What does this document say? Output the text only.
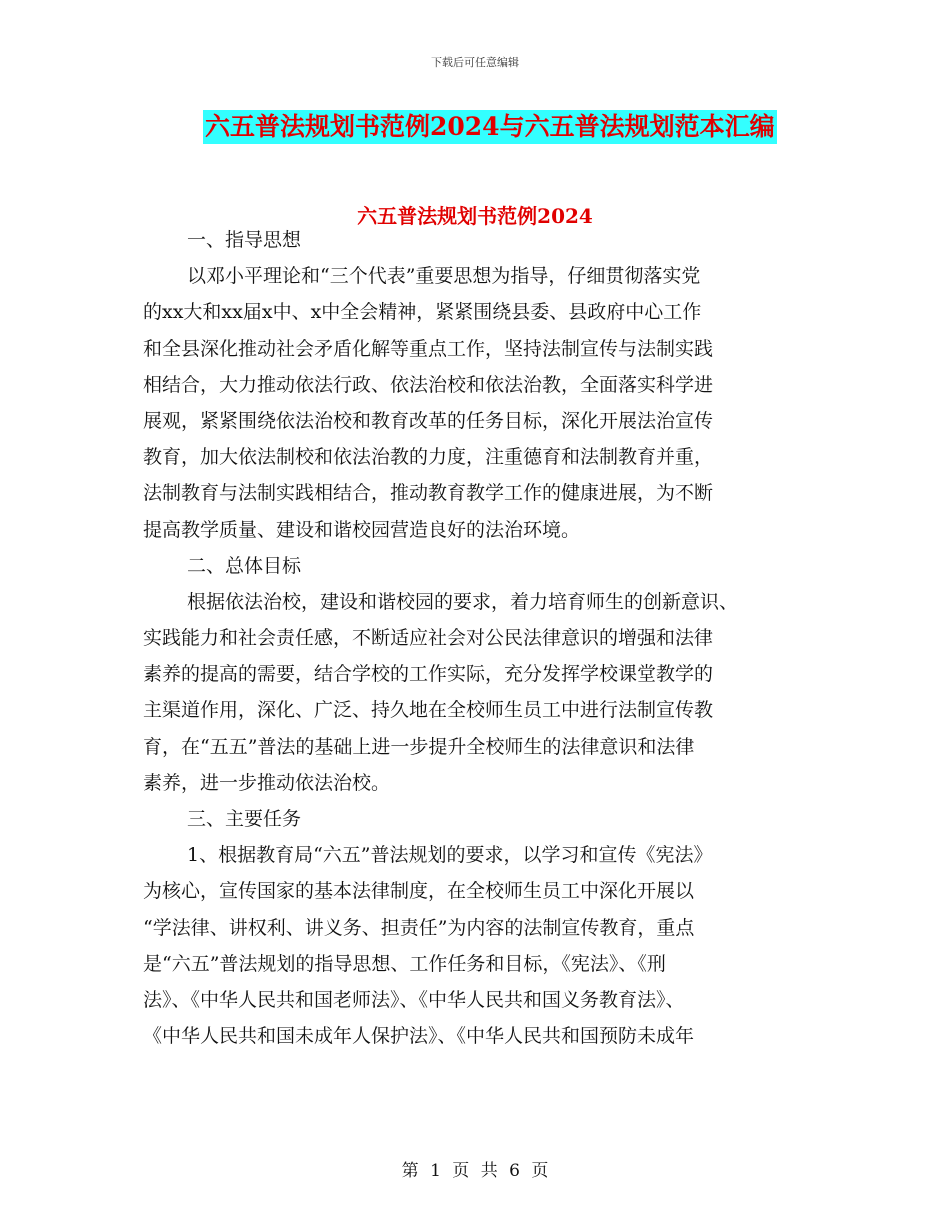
下载后可任意编辑
六五普法规划书范例2024与六五普法规划范本汇编
六五普法规划书范例2024
一、指导思想
以邓小平理论和“三个代表”重要思想为指导，仔细贯彻落实党
的xx大和xx届x中、x中全会精神，紧紧围绕县委、县政府中心工作
和全县深化推动社会矛盾化解等重点工作，坚持法制宣传与法制实践
相结合，大力推动依法行政、依法治校和依法治教，全面落实科学进
展观，紧紧围绕依法治校和教育改革的任务目标，深化开展法治宣传
教育，加大依法制校和依法治教的力度，注重德育和法制教育并重，
法制教育与法制实践相结合，推动教育教学工作的健康进展，为不断
提高教学质量、建设和谐校园营造良好的法治环境。
二、总体目标
根据依法治校，建设和谐校园的要求，着力培育师生的创新意识、
实践能力和社会责任感，不断适应社会对公民法律意识的增强和法律
素养的提高的需要，结合学校的工作实际，充分发挥学校课堂教学的
主渠道作用，深化、广泛、持久地在全校师生员工中进行法制宣传教
育，在“五五”普法的基础上进一步提升全校师生的法律意识和法律
素养，进一步推动依法治校。
三、主要任务
1、根据教育局“六五”普法规划的要求，以学习和宣传《宪法》
为核心，宣传国家的基本法律制度，在全校师生员工中深化开展以
“学法律、讲权利、讲义务、担责任”为内容的法制宣传教育，重点
是“六五”普法规划的指导思想、工作任务和目标，《宪法》、《刑
法》、《中华人民共和国老师法》、《中华人民共和国义务教育法》、
《中华人民共和国未成年人保护法》、《中华人民共和国预防未成年
第 1 页 共 6 页
